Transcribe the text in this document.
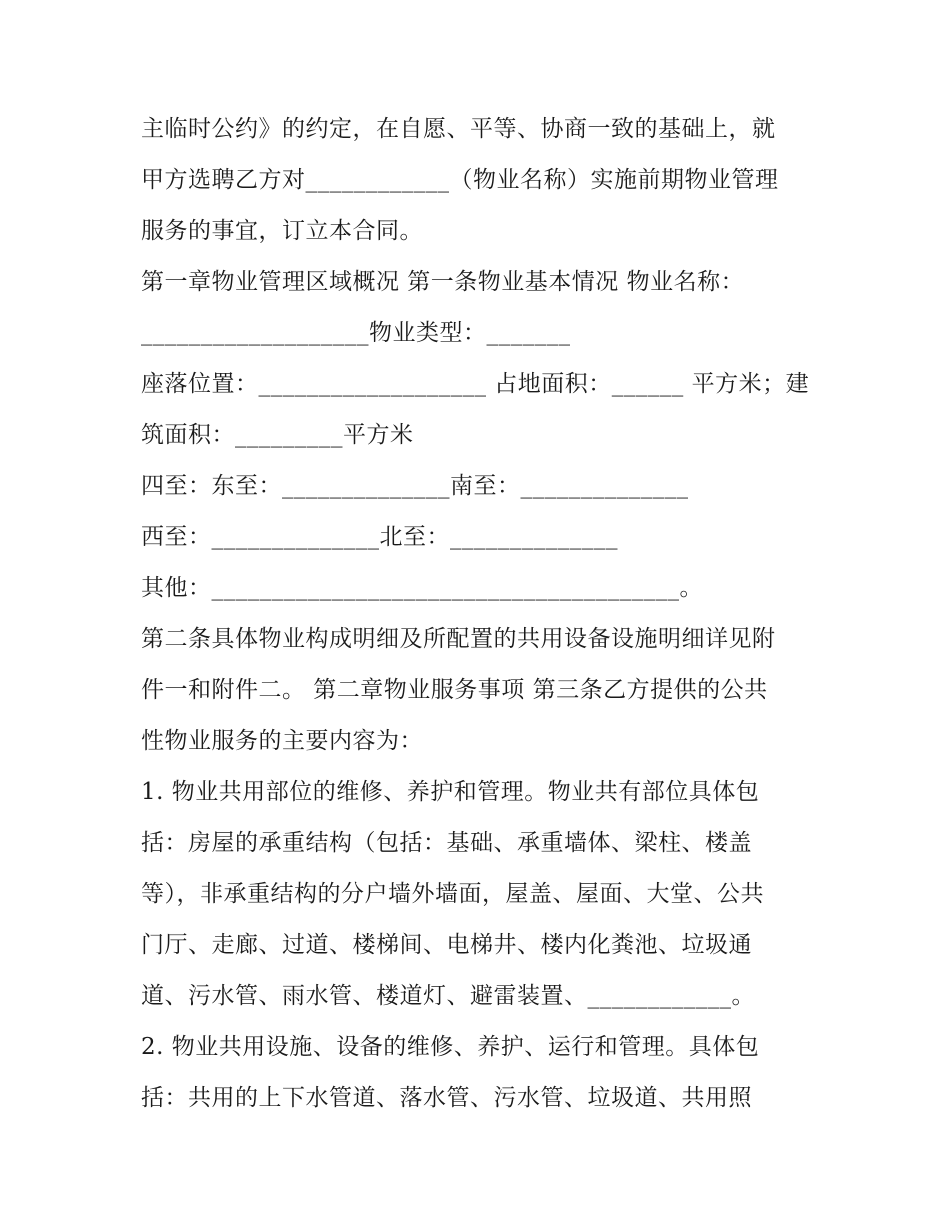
主临时公约》的约定，在自愿、平等、协商一致的基础上，就
甲方选聘乙方对____________（物业名称）实施前期物业管理
服务的事宜，订立本合同。
第一章物业管理区域概况 第一条物业基本情况 物业名称：
___________________物业类型：_______
座落位置：___________________ 占地面积：______ 平方米；建
筑面积：_________平方米
四至：东至：______________南至：______________
西至：______________北至：______________
其他：_______________________________________。
第二条具体物业构成明细及所配置的共用设备设施明细详见附
件一和附件二。 第二章物业服务事项 第三条乙方提供的公共
性物业服务的主要内容为：
1. 物业共用部位的维修、养护和管理。物业共有部位具体包
括：房屋的承重结构（包括：基础、承重墙体、梁柱、楼盖
等），非承重结构的分户墙外墙面，屋盖、屋面、大堂、公共
门厅、走廊、过道、楼梯间、电梯井、楼内化粪池、垃圾通
道、污水管、雨水管、楼道灯、避雷装置、____________。
2. 物业共用设施、设备的维修、养护、运行和管理。具体包
括：共用的上下水管道、落水管、污水管、垃圾道、共用照
